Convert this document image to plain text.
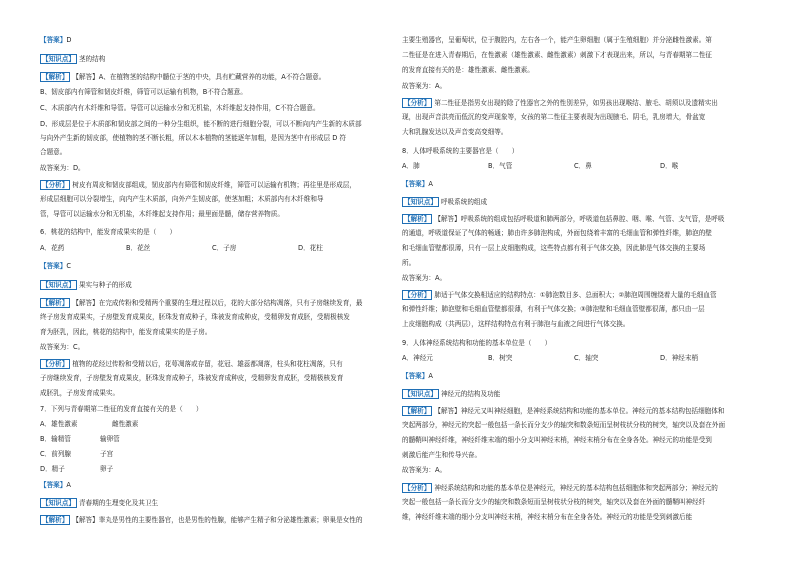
【答案】D
【知识点】 茎的结构
【解析】 【解答】A、在植物茎的结构中髓位于茎的中央，具有贮藏营养的功能，A不符合题意。
B、韧皮部内有筛管和韧皮纤维，筛管可以运输有机物，B不符合题意。
C、木质部内有木纤维和导管。导管可以运输水分和无机盐，木纤维起支持作用，C不符合题意。
D、形成层是位于木质部和韧皮部之间的一种分生组织，能不断的进行细胞分裂，可以不断向内产生新的木质部
与向外产生新的韧皮部，使植物的茎不断长粗，所以木本植物的茎能逐年加粗，是因为茎中有形成层 D 符
合题意。
故答案为：D。
【分析】 树皮有周皮和韧皮部组成，韧皮部内有筛管和韧皮纤维，筛管可以运输有机物；再往里是形成层，
形成层细胞可以分裂增生，向内产生木质部，向外产生韧皮部，使茎加粗；木质部内有木纤维和导
管，导管可以运输水分和无机盐，木纤维起支持作用；最里面是髓，储存营养物质。
6．桃花的结构中，能发育成果实的是（　　）
A．花药	B．花丝	C．子房	D．花柱
【答案】C
【知识点】 果实与种子的形成
【解析】 【解答】在完成传粉和受精两个重要的生理过程以后，花的大部分结构凋落，只有子房继续发育，最
终子房发育成果实，子房壁发育成果皮，胚珠发育成种子，珠被发育成种皮，受精卵发育成胚，受精极核发
育为胚乳，因此，桃花的结构中，能发育成果实的是子房。
故答案为：C。
【分析】 植物的花经过传粉和受精以后，花萼凋落或存留，花冠、雄蕊都凋落，柱头和花柱凋落，只有
子房继续发育，子房壁发育成果皮，胚珠发育成种子，珠被发育成种皮，受精卵发育成胚，受精极核发育
成胚乳，子房发育成果实。
7．下列与青春期第二性征的发育直接有关的是（　　）
A．雄性激素	雌性激素
B．输精管	输卵管
C．前列腺	子宫
D．精子	卵子
【答案】A
【知识点】 青春期的生理变化及其卫生
【解析】 【解答】睾丸是男性的主要性器官，也是男性的性腺，能够产生精子和分泌雄性激素；卵巢是女性的
主要生殖器官，呈葡萄状，位于腹腔内，左右各一个，能产生卵细胞（属于生殖细胞）并分泌雌性激素。第
二性征是在进入青春期后，在性激素（雄性激素、雌性激素）刺激下才表现出来，所以，与青春期第二性征
的发育直接有关的是：雄性激素、雌性激素。
故答案为：A。
【分析】 第二性征是指男女出现的除了性器官之外的性别差异，如男孩出现喉结、腋毛、胡须以及遗精实出
现，出现声音洪亮而低沉的变声现象等，女孩的第二性征主要表现为出现腋毛、阴毛，乳房增大，骨盆宽
大和乳腺发达以及声音变高变细等。
8．人体呼吸系统的主要器官是（　　）
A．肺	B．气管	C．鼻	D．喉
【答案】A
【知识点】 呼吸系统的组成
【解析】 【解答】呼吸系统的组成包括呼吸道和肺两部分，呼吸道包括鼻腔、咽、喉、气管、支气管，是呼吸
的通道，呼吸道保证了气体的畅通；肺由许多肺泡构成，外面包绕着丰富的毛细血管和弹性纤维，肺泡的壁
和毛细血管壁都很薄，只有一层上皮细胞构成，这些特点都有利于气体交换，因此肺是气体交换的主要场
所。
故答案为：A。
【分析】 肺适于气体交换相适应的结构特点：①肺泡数目多、总面积大；②肺泡周围缠绕着大量的毛细血管
和弹性纤维；肺泡壁和毛细血管壁都很薄，有利于气体交换；③肺泡壁和毛细血管壁都很薄，都只由一层
上皮细胞构成（共两层），这样结构特点有利于肺泡与血液之间进行气体交换。
9．人体神经系统结构和功能的基本单位是（　　）
A．神经元	B．树突	C．轴突	D．神经末梢
【答案】A
【知识点】 神经元的结构及功能
【解析】 【解答】神经元又叫神经细胞，是神经系统结构和功能的基本单位。神经元的基本结构包括细胞体和
突起两部分，神经元的突起一般包括一条长而分支少的轴突和数条短而呈树枝状分枝的树突，轴突以及套在外面
的髓鞘叫神经纤维，神经纤维末端的细小分支叫神经末梢，神经末梢分布在全身各处。神经元的功能是受到
刺激后能产生和传导兴奋。
故答案为：A。
【分析】 神经系统结构和功能的基本单位是神经元，神经元的基本结构包括细胞体和突起两部分；神经元的
突起一般包括一条长而分支少的轴突和数条短而呈树枝状分枝的树突，轴突以及套在外面的髓鞘叫神经纤
维，神经纤维末端的细小分支叫神经末梢，神经末梢分布在全身各处。神经元的功能是受到刺激后能
